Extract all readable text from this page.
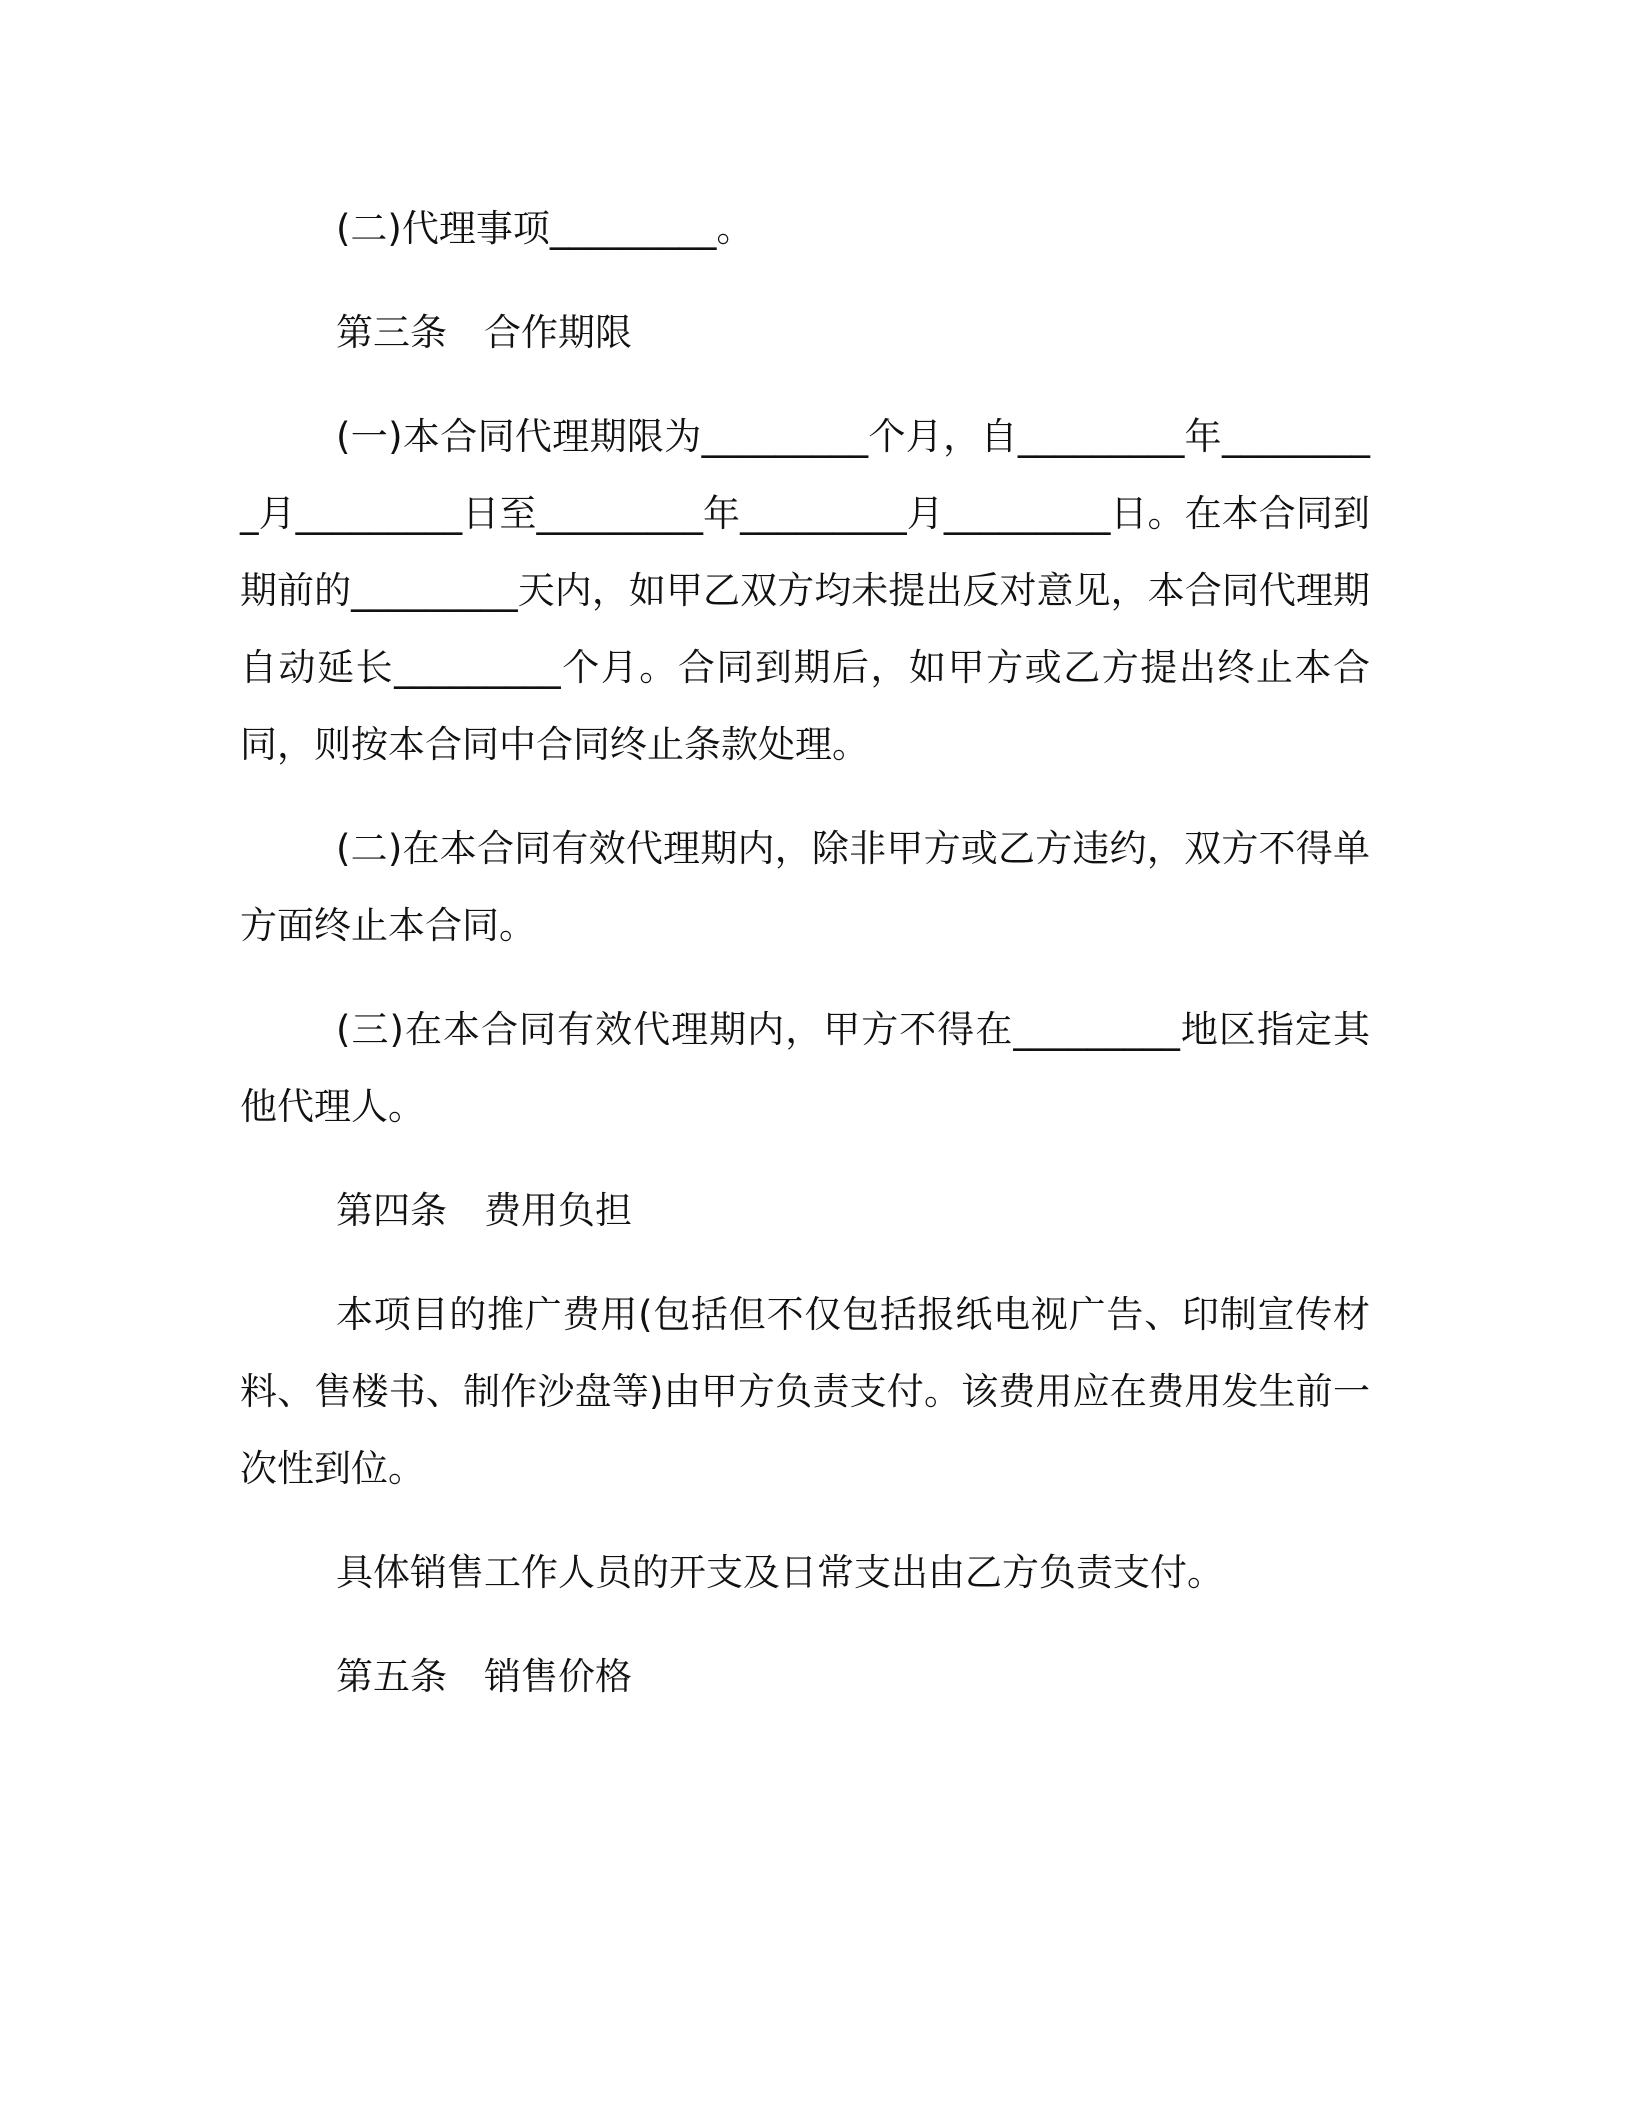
(二)代理事项_________。

第三条　合作期限

(一)本合同代理期限为_________个月，自_________年_________月_________日至_________年_________月_________日。在本合同到期前的_________天内，如甲乙双方均未提出反对意见，本合同代理期自动延长_________个月。合同到期后，如甲方或乙方提出终止本合同，则按本合同中合同终止条款处理。

(二)在本合同有效代理期内，除非甲方或乙方违约，双方不得单方面终止本合同。

(三)在本合同有效代理期内，甲方不得在_________地区指定其他代理人。

第四条　费用负担

本项目的推广费用(包括但不仅包括报纸电视广告、印制宣传材料、售楼书、制作沙盘等)由甲方负责支付。该费用应在费用发生前一次性到位。

具体销售工作人员的开支及日常支出由乙方负责支付。

第五条　销售价格
